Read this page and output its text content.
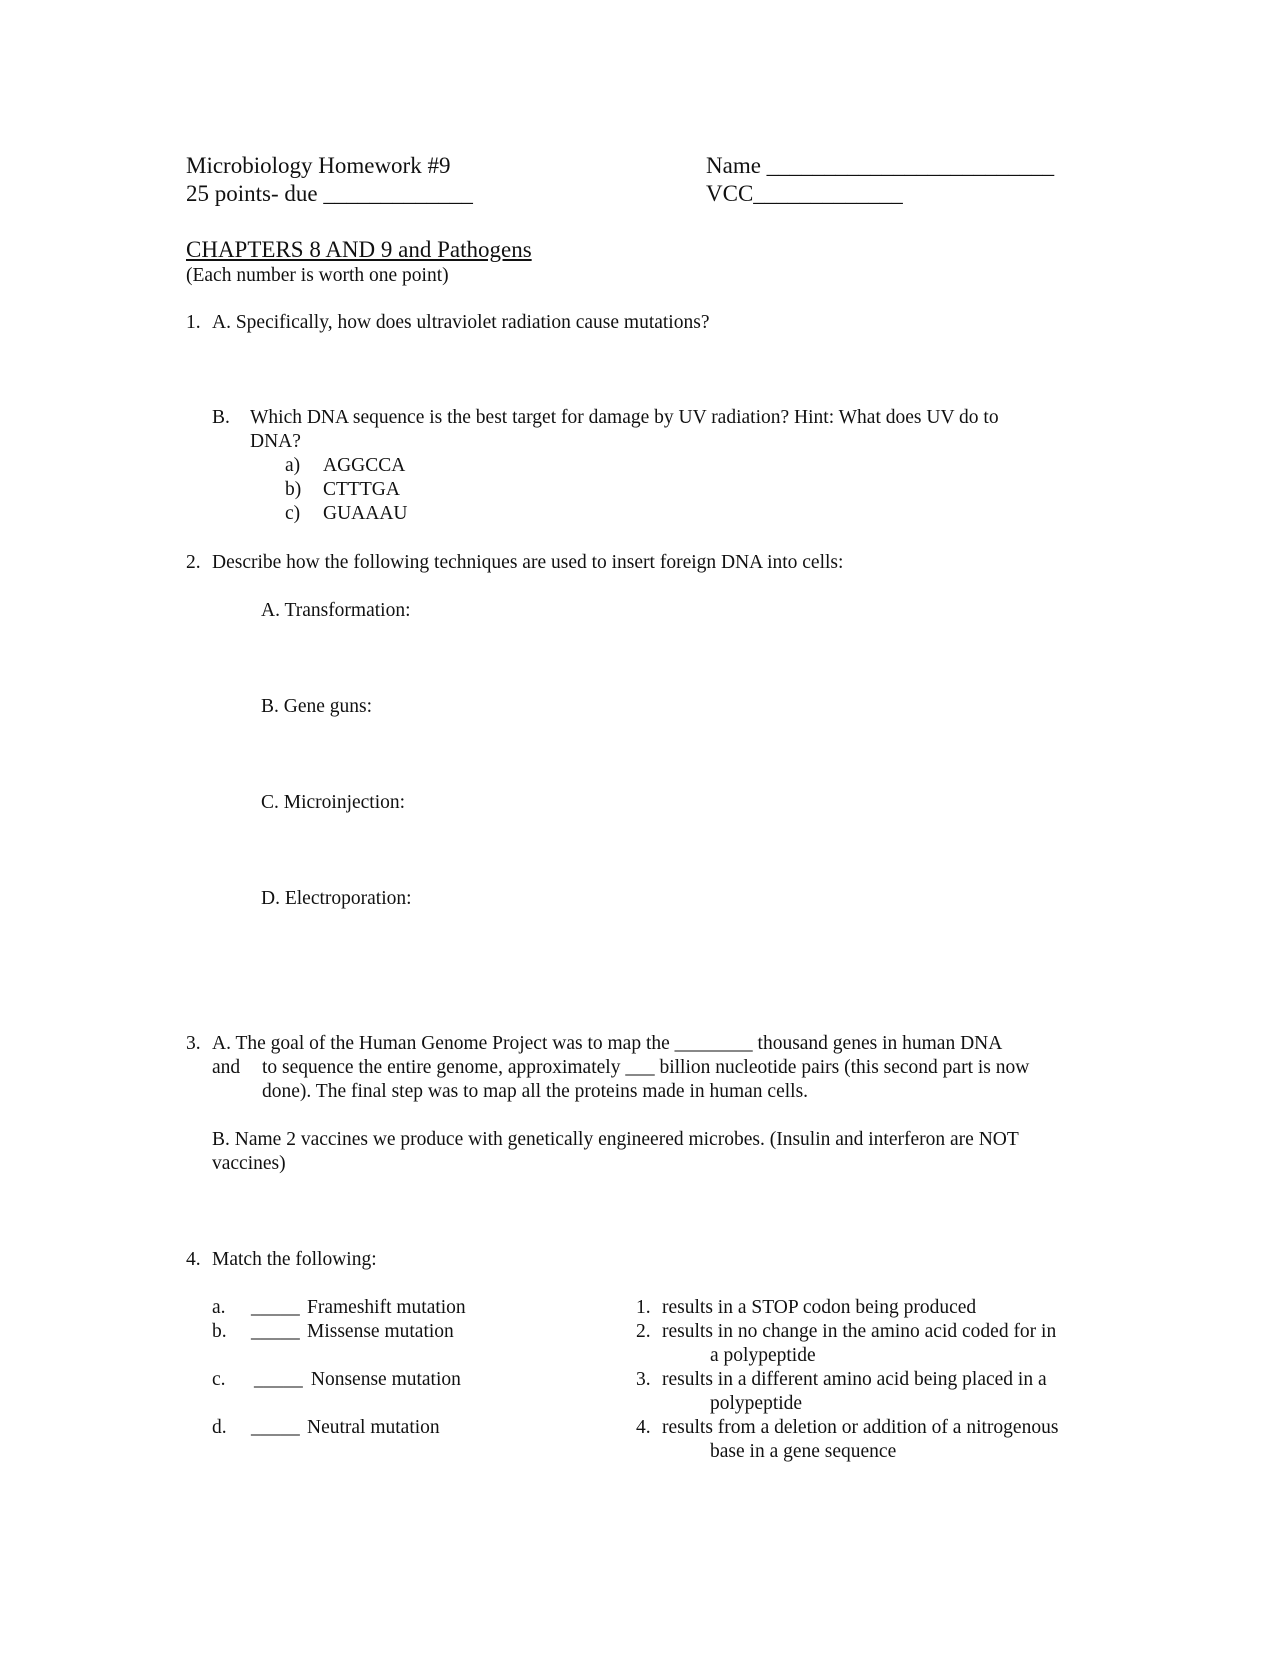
Microbiology Homework #9
25 points- due _____________
Name _________________________
VCC_____________
CHAPTERS 8 AND 9 and Pathogens
(Each number is worth one point)
1. A. Specifically, how does ultraviolet radiation cause mutations?
B. Which DNA sequence is the best target for damage by UV radiation? Hint: What does UV do to
DNA?
a) AGGCCA
b) CTTTGA
c) GUAAAU
2. Describe how the following techniques are used to insert foreign DNA into cells:
A. Transformation:
B. Gene guns:
C. Microinjection:
D. Electroporation:
3. A. The goal of the Human Genome Project was to map the ________ thousand genes in human DNA
and to sequence the entire genome, approximately ___ billion nucleotide pairs (this second part is now
done). The final step was to map all the proteins made in human cells.
B. Name 2 vaccines we produce with genetically engineered microbes. (Insulin and interferon are NOT
vaccines)
4. Match the following:
a. _____ Frameshift mutation
b. _____ Missense mutation
c. _____ Nonsense mutation
d. _____ Neutral mutation
1. results in a STOP codon being produced
2. results in no change in the amino acid coded for in
a polypeptide
3. results in a different amino acid being placed in a
polypeptide
4. results from a deletion or addition of a nitrogenous
base in a gene sequence
